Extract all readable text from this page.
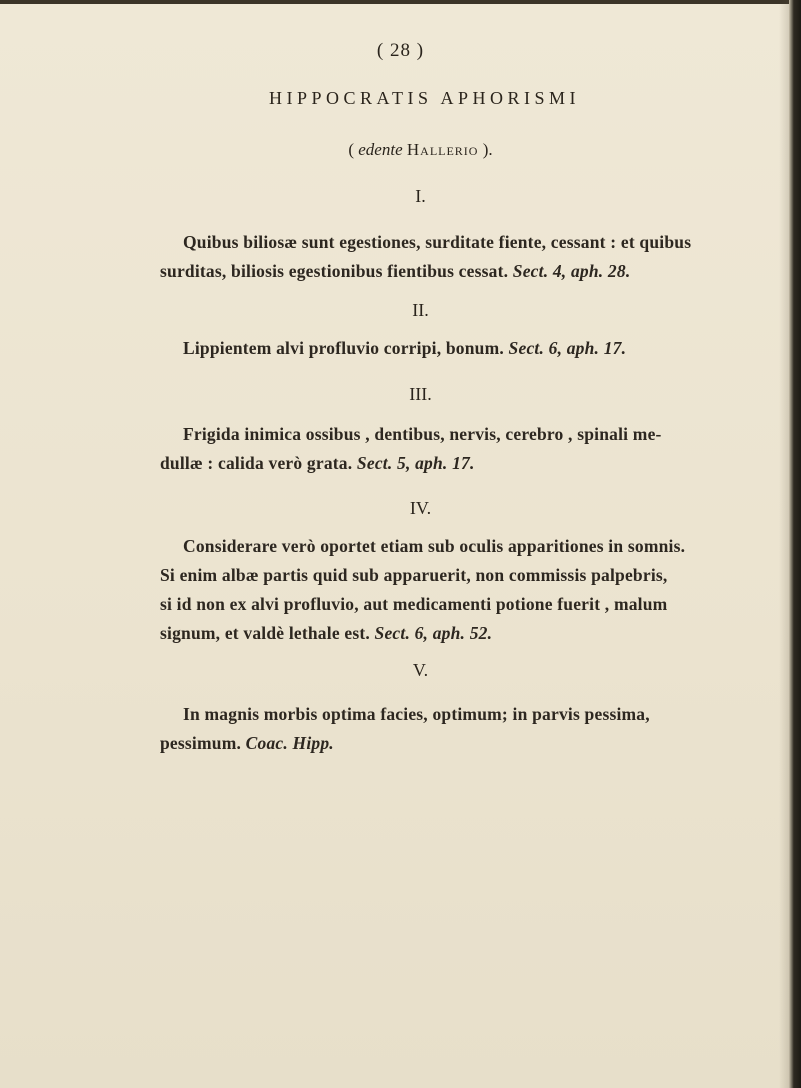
( 28 )
HIPPOCRATIS APHORISMI
( edente Hallerio ).
I.
Quibus biliosæ sunt egestiones, surditate fiente, cessant : et quibus
surditas, biliosis egestionibus fientibus cessat. Sect. 4, aph. 28.
II.
Lippientem alvi profluvio corripi, bonum. Sect. 6, aph. 17.
III.
Frigida inimica ossibus , dentibus, nervis, cerebro , spinali me-
dullæ : calida verò grata. Sect. 5, aph. 17.
IV.
Considerare verò oportet etiam sub oculis apparitiones in somnis.
Si enim albæ partis quid sub apparuerit, non commissis palpebris,
si id non ex alvi profluvio, aut medicamenti potione fuerit , malum
signum, et valdè lethale est. Sect. 6, aph. 52.
V.
In magnis morbis optima facies, optimum; in parvis pessima,
pessimum. Coac. Hipp.
